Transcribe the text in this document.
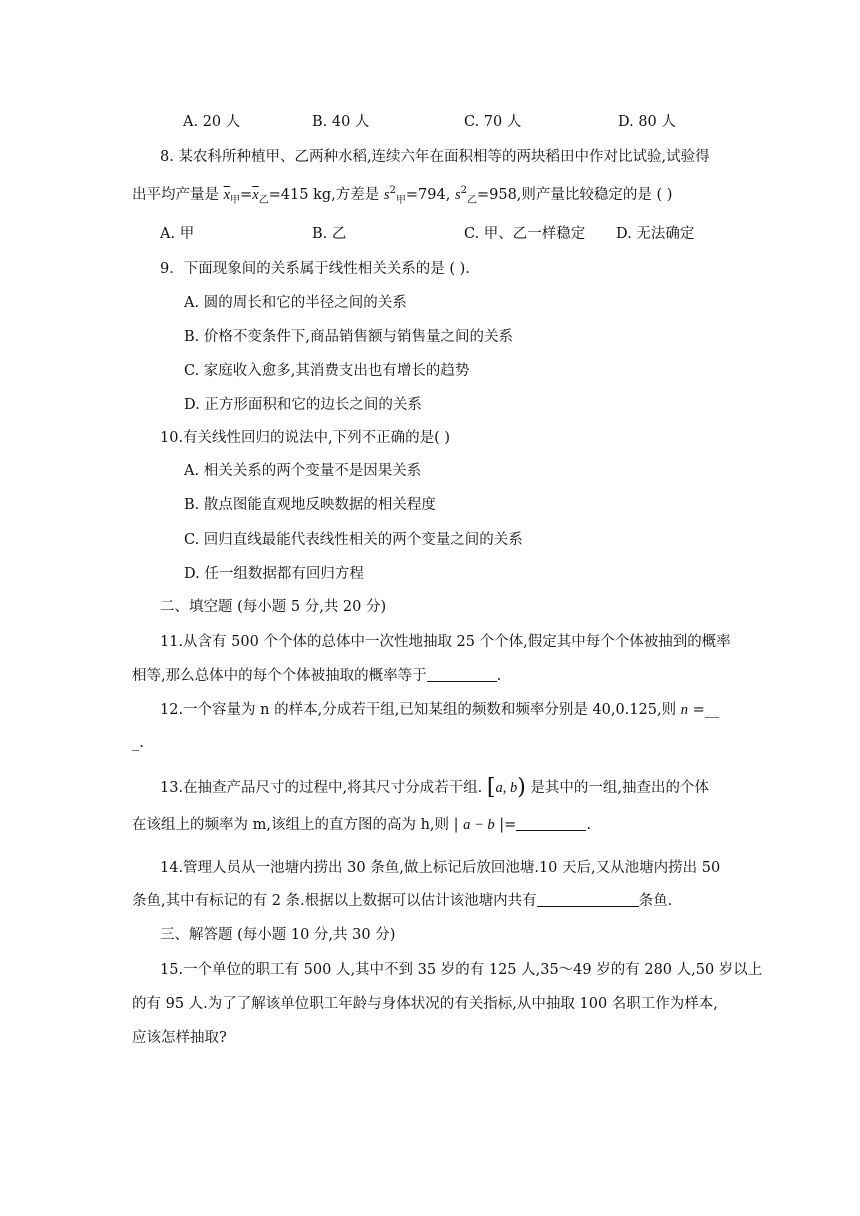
A. 20 人	B. 40 人	C. 70 人	D. 80 人
8. 某农科所种植甲、乙两种水稻,连续六年在面积相等的两块稻田中作对比试验,试验得
出平均产量是 $\overline{x}_甲=\overline{x}_乙=415$ kg,方差是 $s^2_甲=794$, $s^2_乙=958$,则产量比较稳定的是 ( )
A. 甲	B. 乙	C. 甲、乙一样稳定 D. 无法确定
9．下面现象间的关系属于线性相关关系的是 ( ).
A. 圆的周长和它的半径之间的关系
B. 价格不变条件下,商品销售额与销售量之间的关系
C. 家庭收入愈多,其消费支出也有增长的趋势
D. 正方形面积和它的边长之间的关系
10.有关线性回归的说法中,下列不正确的是( )
A. 相关关系的两个变量不是因果关系
B. 散点图能直观地反映数据的相关程度
C. 回归直线最能代表线性相关的两个变量之间的关系
D. 任一组数据都有回归方程
二、填空题 (每小题 5 分,共 20 分)
11.从含有 500 个个体的总体中一次性地抽取 25 个个体,假定其中每个个体被抽到的概率
相等,那么总体中的每个个体被抽取的概率等于	.
12.一个容量为 n 的样本,分成若干组,已知某组的频数和频率分别是 40,0.125,则 n =__
_.
13.在抽查产品尺寸的过程中,将其尺寸分成若干组. [a, b) 是其中的一组,抽查出的个体
在该组上的频率为 m,该组上的直方图的高为 h,则 | a − b |=	.
14.管理人员从一池塘内捞出 30 条鱼,做上标记后放回池塘.10 天后,又从池塘内捞出 50
条鱼,其中有标记的有 2 条.根据以上数据可以估计该池塘内共有	条鱼.
三、解答题 (每小题 10 分,共 30 分)
15.一个单位的职工有 500 人,其中不到 35 岁的有 125 人,35～49 岁的有 280 人,50 岁以上
的有 95 人.为了了解该单位职工年龄与身体状况的有关指标,从中抽取 100 名职工作为样本,
应该怎样抽取?
